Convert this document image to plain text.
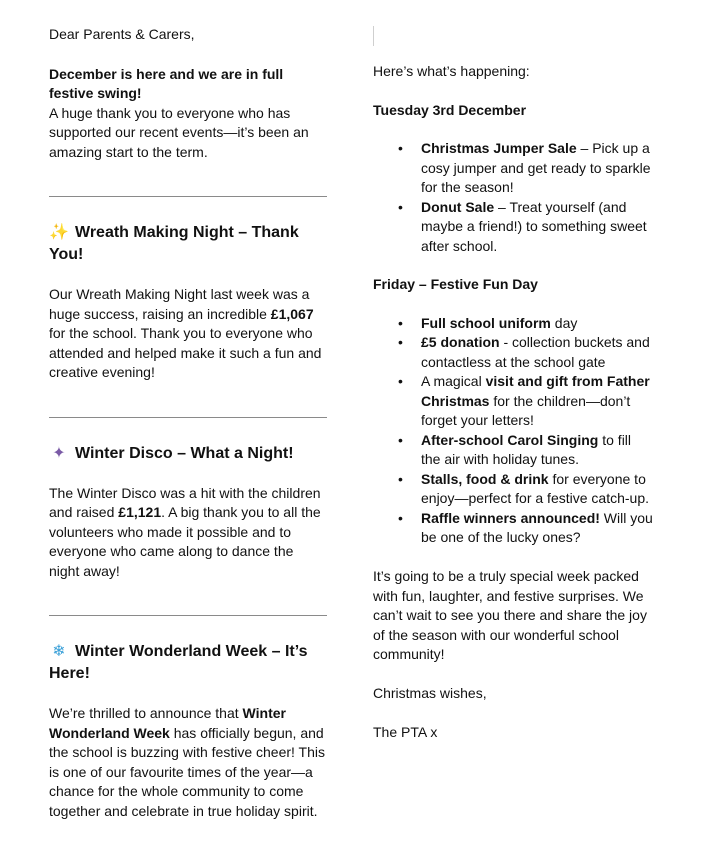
Dear Parents & Carers,

December is here and we are in full festive swing!

A huge thank you to everyone who has supported our recent events—it’s been an amazing start to the term.

✨ Wreath Making Night – Thank You!

Our Wreath Making Night last week was a huge success, raising an incredible £1,067 for the school. Thank you to everyone who attended and helped make it such a fun and creative evening!

✦ Winter Disco – What a Night!

The Winter Disco was a hit with the children and raised £1,121. A big thank you to all the volunteers who made it possible and to everyone who came along to dance the night away!

❄ Winter Wonderland Week – It’s Here!

We’re thrilled to announce that Winter Wonderland Week has officially begun, and the school is buzzing with festive cheer! This is one of our favourite times of the year—a chance for the whole community to come together and celebrate in true holiday spirit.

Here’s what’s happening:

Tuesday 3rd December

• Christmas Jumper Sale – Pick up a cosy jumper and get ready to sparkle for the season!
• Donut Sale – Treat yourself (and maybe a friend!) to something sweet after school.

Friday – Festive Fun Day

• Full school uniform day
• £5 donation - collection buckets and contactless at the school gate
• A magical visit and gift from Father Christmas for the children—don’t forget your letters!
• After-school Carol Singing to fill the air with holiday tunes.
• Stalls, food & drink for everyone to enjoy—perfect for a festive catch-up.
• Raffle winners announced! Will you be one of the lucky ones?

It’s going to be a truly special week packed with fun, laughter, and festive surprises. We can’t wait to see you there and share the joy of the season with our wonderful school community!

Christmas wishes,

The PTA x
